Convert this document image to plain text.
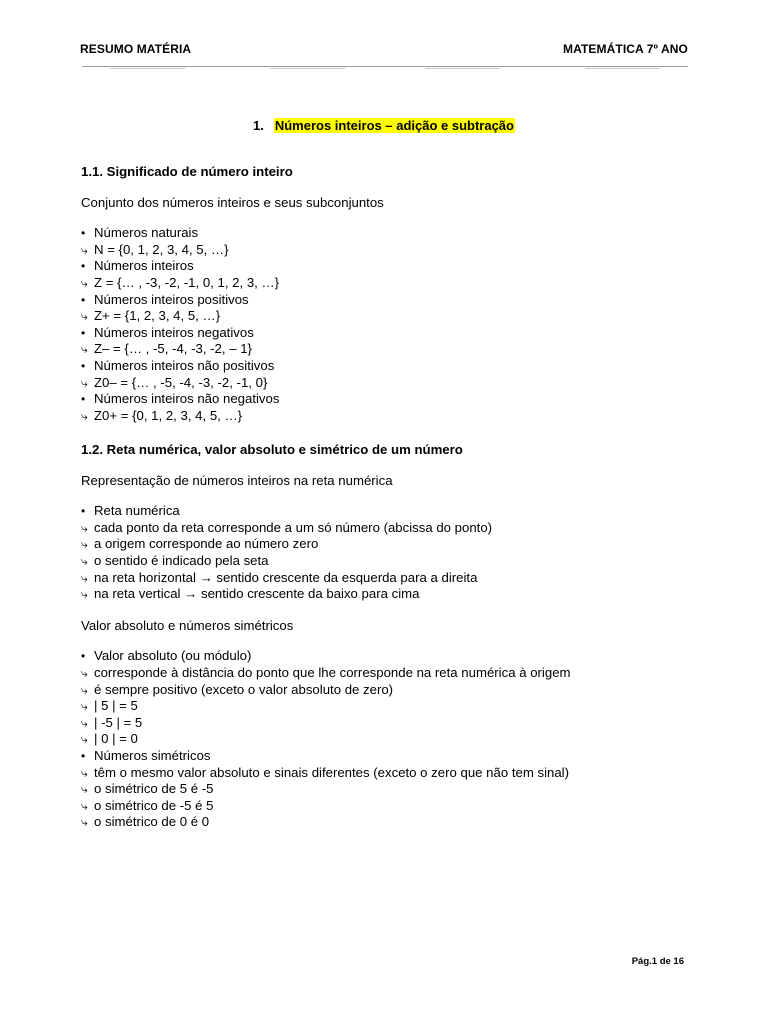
RESUMO MATÉRIA	MATEMÁTICA 7º ANO
1. Números inteiros – adição e subtração
1.1. Significado de número inteiro
Conjunto dos números inteiros e seus subconjuntos
• Números naturais
⤷ N = {0, 1, 2, 3, 4, 5, …}
• Números inteiros
⤷ Z = {… , -3, -2, -1, 0, 1, 2, 3, …}
• Números inteiros positivos
⤷ Z+ = {1, 2, 3, 4, 5, …}
• Números inteiros negativos
⤷ Z– = {… , -5, -4, -3, -2, – 1}
• Números inteiros não positivos
⤷ Z0– = {… , -5, -4, -3, -2, -1, 0}
• Números inteiros não negativos
⤷ Z0+ = {0, 1, 2, 3, 4, 5, …}
1.2. Reta numérica, valor absoluto e simétrico de um número
Representação de números inteiros na reta numérica
• Reta numérica
⤷ cada ponto da reta corresponde a um só número (abcissa do ponto)
⤷ a origem corresponde ao número zero
⤷ o sentido é indicado pela seta
⤷ na reta horizontal → sentido crescente da esquerda para a direita
⤷ na reta vertical → sentido crescente da baixo para cima
Valor absoluto e números simétricos
• Valor absoluto (ou módulo)
⤷ corresponde à distância do ponto que lhe corresponde na reta numérica à origem
⤷ é sempre positivo (exceto o valor absoluto de zero)
⤷ | 5 | = 5
⤷ | -5 | = 5
⤷ | 0 | = 0
• Números simétricos
⤷ têm o mesmo valor absoluto e sinais diferentes (exceto o zero que não tem sinal)
⤷ o simétrico de 5 é -5
⤷ o simétrico de -5 é 5
⤷ o simétrico de 0 é 0
Pág.1 de 16
